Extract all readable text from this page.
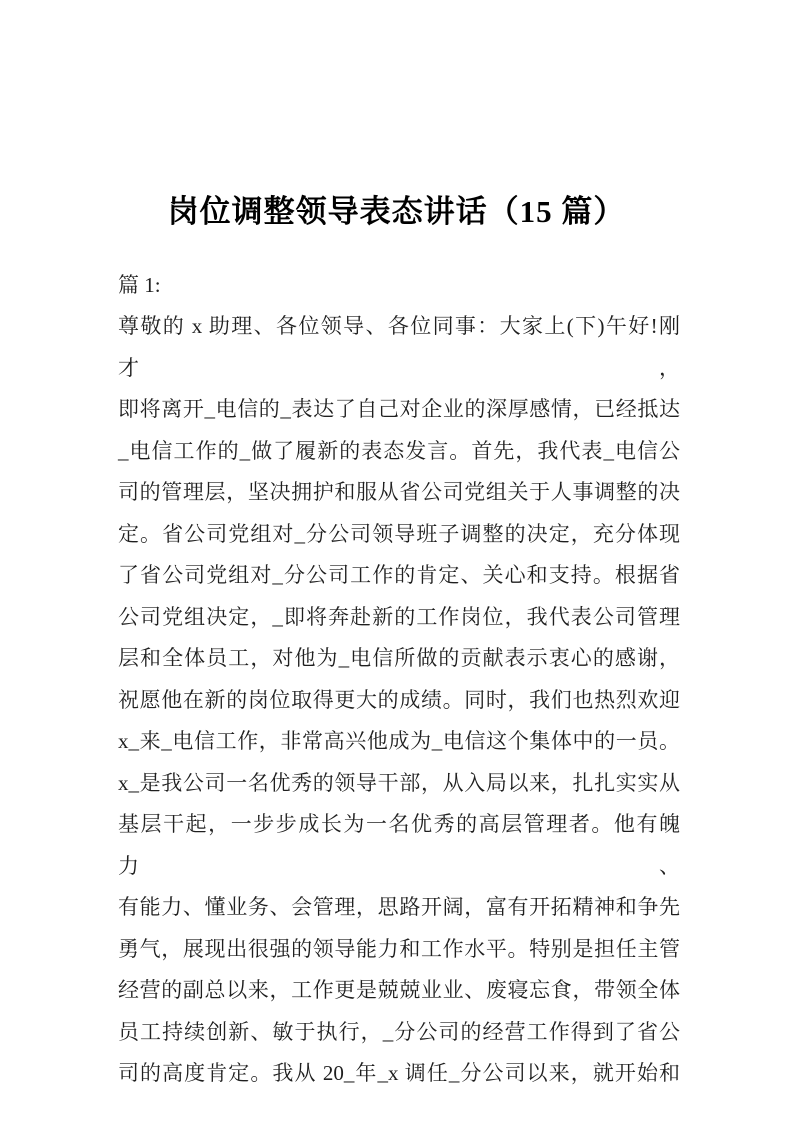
岗位调整领导表态讲话（15 篇）
篇 1:
尊敬的 x 助理、各位领导、各位同事：大家上(下)午好!刚才，
即将离开_电信的_表达了自己对企业的深厚感情，已经抵达
_电信工作的_做了履新的表态发言。首先，我代表_电信公
司的管理层，坚决拥护和服从省公司党组关于人事调整的决
定。省公司党组对_分公司领导班子调整的决定，充分体现
了省公司党组对_分公司工作的肯定、关心和支持。根据省
公司党组决定，_即将奔赴新的工作岗位，我代表公司管理
层和全体员工，对他为_电信所做的贡献表示衷心的感谢，
祝愿他在新的岗位取得更大的成绩。同时，我们也热烈欢迎
x_来_电信工作，非常高兴他成为_电信这个集体中的一员。
x_是我公司一名优秀的领导干部，从入局以来，扎扎实实从
基层干起，一步步成长为一名优秀的高层管理者。他有魄力、
有能力、懂业务、会管理，思路开阔，富有开拓精神和争先
勇气，展现出很强的领导能力和工作水平。特别是担任主管
经营的副总以来，工作更是兢兢业业、废寝忘食，带领全体
员工持续创新、敏于执行，_分公司的经营工作得到了省公
司的高度肯定。我从 20_年_x 调任_分公司以来，就开始和
